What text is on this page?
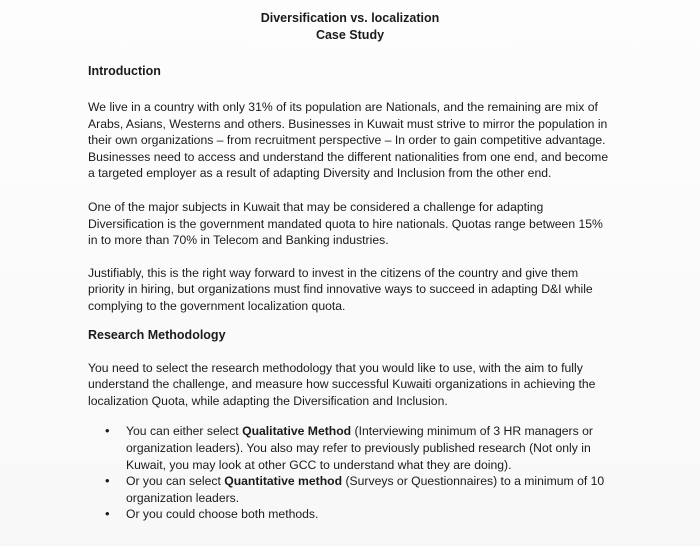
Diversification vs. localization
Case Study
Introduction

We live in a country with only 31% of its population are Nationals, and the remaining are mix of Arabs, Asians, Westerns and others. Businesses in Kuwait must strive to mirror the population in their own organizations – from recruitment perspective – In order to gain competitive advantage. Businesses need to access and understand the different nationalities from one end, and become a targeted employer as a result of adapting Diversity and Inclusion from the other end.

One of the major subjects in Kuwait that may be considered a challenge for adapting Diversification is the government mandated quota to hire nationals. Quotas range between 15% in to more than 70% in Telecom and Banking industries.

Justifiably, this is the right way forward to invest in the citizens of the country and give them priority in hiring, but organizations must find innovative ways to succeed in adapting D&I while complying to the government localization quota.

Research Methodology

You need to select the research methodology that you would like to use, with the aim to fully understand the challenge, and measure how successful Kuwaiti organizations in achieving the localization Quota, while adapting the Diversification and Inclusion.

• You can either select Qualitative Method (Interviewing minimum of 3 HR managers or organization leaders). You also may refer to previously published research (Not only in Kuwait, you may look at other GCC to understand what they are doing).
• Or you can select Quantitative method (Surveys or Questionnaires) to a minimum of 10 organization leaders.
• Or you could choose both methods.
